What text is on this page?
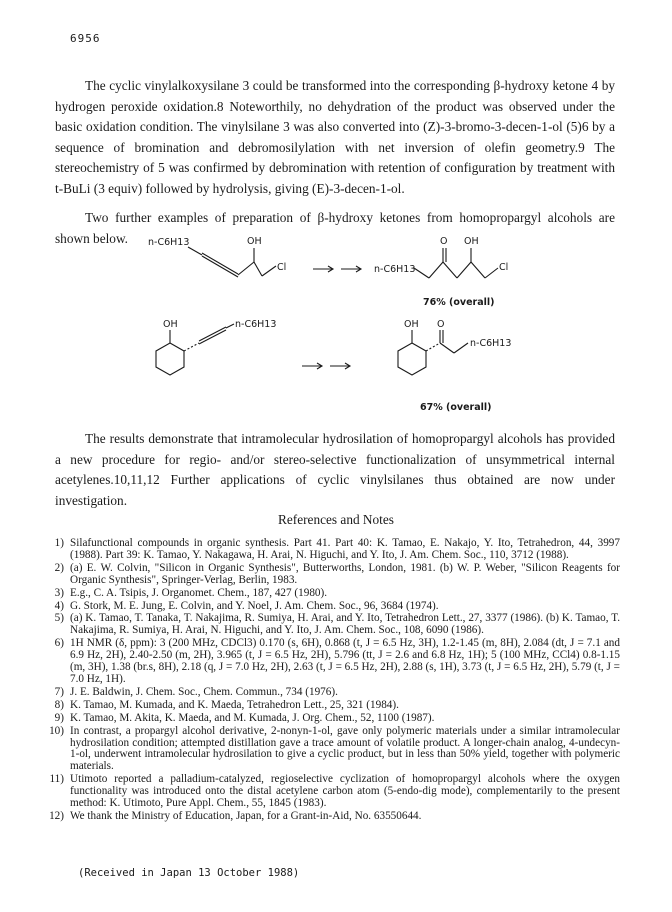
6956
The cyclic vinylalkoxysilane 3 could be transformed into the corresponding β-hydroxy ketone 4 by hydrogen peroxide oxidation.8 Noteworthily, no dehydration of the product was observed under the basic oxidation condition. The vinylsilane 3 was also converted into (Z)-3-bromo-3-decen-1-ol (5)6 by a sequence of bromination and debromosilylation with net inversion of olefin geometry.9 The stereochemistry of 5 was confirmed by debromination with retention of configuration by treatment with t-BuLi (3 equiv) followed by hydrolysis, giving (E)-3-decen-1-ol.
Two further examples of preparation of β-hydroxy ketones from homopropargyl alcohols are shown below.	n-C6H13	OH
Cl
O OH
n-C6H13	Cl
76% (overall)
OH	n-C6H13	OH O
n-C6H13
67% (overall)
The results demonstrate that intramolecular hydrosilation of homopropargyl alcohols has provided a new procedure for regio- and/or stereo-selective functionalization of unsymmetrical internal acetylenes.10,11,12 Further applications of cyclic vinylsilanes thus obtained are now under investigation.
References and Notes
1) Silafunctional compounds in organic synthesis. Part 41. Part 40: K. Tamao, E. Nakajo, Y. Ito, Tetrahedron, 44, 3997 (1988). Part 39: K. Tamao, Y. Nakagawa, H. Arai, N. Higuchi, and Y. Ito, J. Am. Chem. Soc., 110, 3712 (1988).
2) (a) E. W. Colvin, "Silicon in Organic Synthesis", Butterworths, London, 1981. (b) W. P. Weber, "Silicon Reagents for Organic Synthesis", Springer-Verlag, Berlin, 1983.
3) E.g., C. A. Tsipis, J. Organomet. Chem., 187, 427 (1980).
4) G. Stork, M. E. Jung, E. Colvin, and Y. Noel, J. Am. Chem. Soc., 96, 3684 (1974).
5) (a) K. Tamao, T. Tanaka, T. Nakajima, R. Sumiya, H. Arai, and Y. Ito, Tetrahedron Lett., 27, 3377 (1986). (b) K. Tamao, T. Nakajima, R. Sumiya, H. Arai, N. Higuchi, and Y. Ito, J. Am. Chem. Soc., 108, 6090 (1986).
6) 1H NMR (δ, ppm): 3 (200 MHz, CDCl3) 0.170 (s, 6H), 0.868 (t, J = 6.5 Hz, 3H), 1.2-1.45 (m, 8H), 2.084 (dt, J = 7.1 and 6.9 Hz, 2H), 2.40-2.50 (m, 2H), 3.965 (t, J = 6.5 Hz, 2H), 5.796 (tt, J = 2.6 and 6.8 Hz, 1H); 5 (100 MHz, CCl4) 0.8-1.15 (m, 3H), 1.38 (br.s, 8H), 2.18 (q, J = 7.0 Hz, 2H), 2.63 (t, J = 6.5 Hz, 2H), 2.88 (s, 1H), 3.73 (t, J = 6.5 Hz, 2H), 5.79 (t, J = 7.0 Hz, 1H).
7) J. E. Baldwin, J. Chem. Soc., Chem. Commun., 734 (1976).
8) K. Tamao, M. Kumada, and K. Maeda, Tetrahedron Lett., 25, 321 (1984).
9) K. Tamao, M. Akita, K. Maeda, and M. Kumada, J. Org. Chem., 52, 1100 (1987).
10) In contrast, a propargyl alcohol derivative, 2-nonyn-1-ol, gave only polymeric materials under a similar intramolecular hydrosilation condition; attempted distillation gave a trace amount of volatile product. A longer-chain analog, 4-undecyn-1-ol, underwent intramolecular hydrosilation to give a cyclic product, but in less than 50% yield, together with polymeric materials.
11) Utimoto reported a palladium-catalyzed, regioselective cyclization of homopropargyl alcohols where the oxygen functionality was introduced onto the distal acetylene carbon atom (5-endo-dig mode), complementarily to the present method: K. Utimoto, Pure Appl. Chem., 55, 1845 (1983).
12) We thank the Ministry of Education, Japan, for a Grant-in-Aid, No. 63550644.
(Received in Japan 13 October 1988)
